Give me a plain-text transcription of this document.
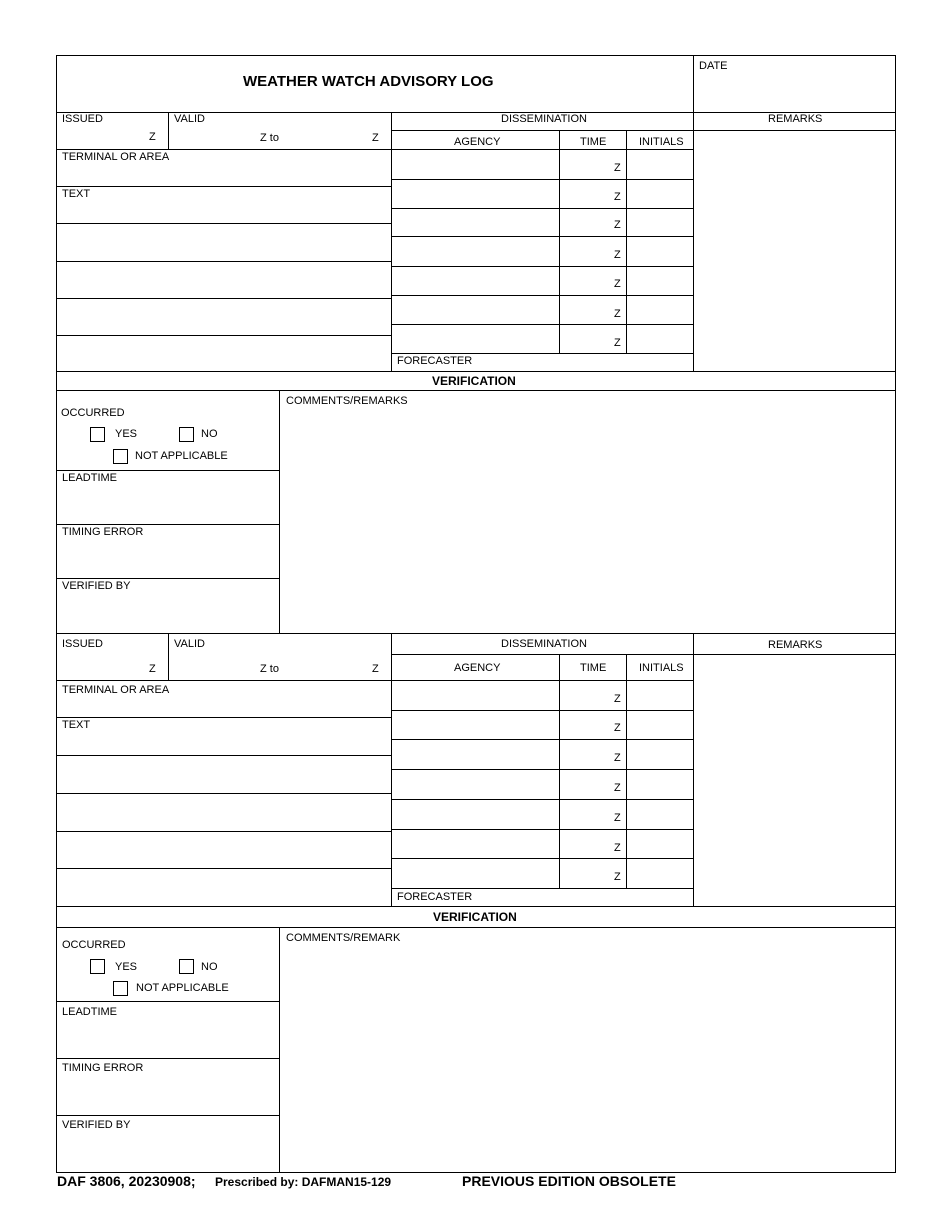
WEATHER WATCH ADVISORY LOG
DATE
ISSUED
Z
VALID
Z to	Z
DISSEMINATION	REMARKS
AGENCY	TIME	INITIALS
TERMINAL OR AREA
TEXT
Z
Z
Z
Z
Z
Z
Z
FORECASTER
VERIFICATION
OCCURRED
YES	NO
NOT APPLICABLE
COMMENTS/REMARKS
LEADTIME
TIMING ERROR
VERIFIED BY
ISSUED
Z
VALID
Z to	Z
DISSEMINATION	REMARKS
AGENCY	TIME	INITIALS
TERMINAL OR AREA
TEXT
Z
Z
Z
Z
Z
Z
Z
FORECASTER
VERIFICATION
OCCURRED
YES	NO
NOT APPLICABLE
COMMENTS/REMARK
LEADTIME
TIMING ERROR
VERIFIED BY
DAF 3806, 20230908; Prescribed by: DAFMAN15-129	PREVIOUS EDITION OBSOLETE
